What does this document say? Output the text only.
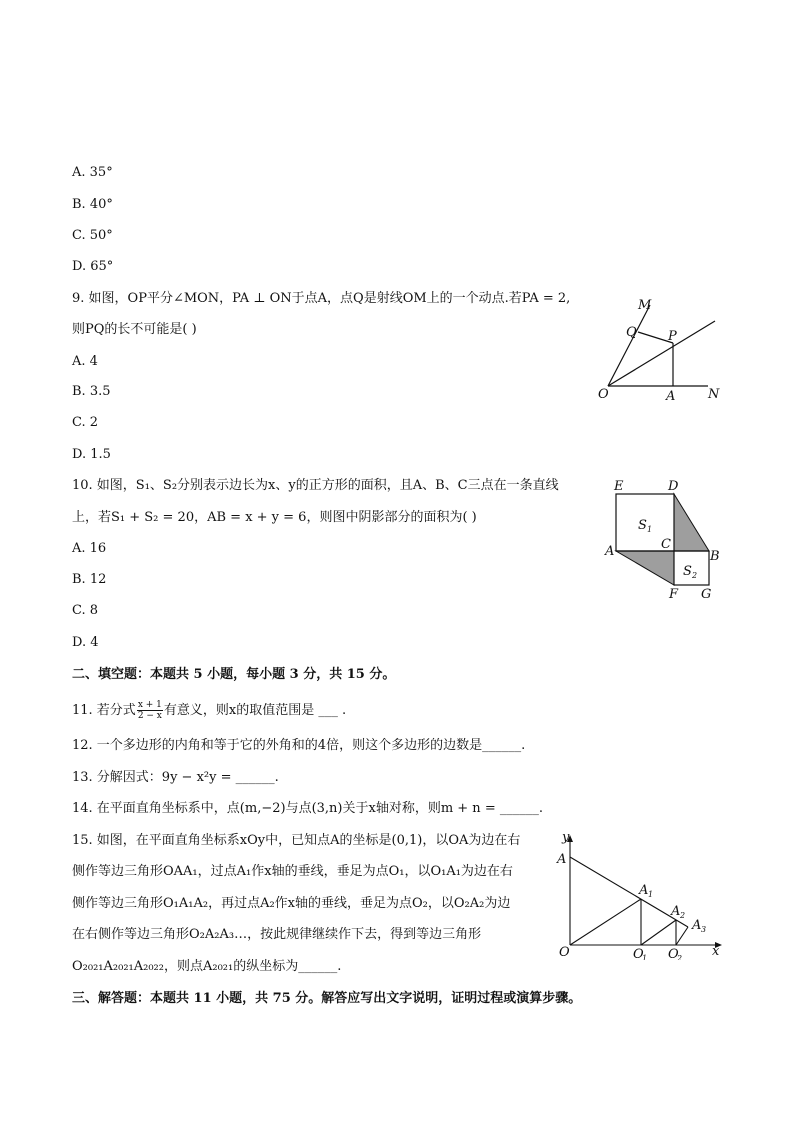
A. 35°
B. 40°
C. 50°
D. 65°
9. 如图，OP平分∠MON，PA ⊥ ON于点A，点Q是射线OM上的一个动点.若PA = 2,
则PQ的长不可能是( )
A. 4
B. 3.5
C. 2
D. 1.5
M
Q P
O	A	N
10. 如图，S₁、S₂分别表示边长为x、y的正方形的面积，且A、B、C三点在一条直线
上，若S₁ + S₂ = 20，AB = x + y = 6，则图中阴影部分的面积为( )
A. 16
B. 12
C. 8
D. 4
E	D
S 1
A	C
B
S 2
F G
二、填空题：本题共 5 小题，每小题 3 分，共 15 分。
11. 若分式 $\frac{x + 1}{2 - x}$ 有意义，则x的取值范围是 ___ .
12. 一个多边形的内角和等于它的外角和的4倍，则这个多边形的边数是______.
13. 分解因式：9y − x²y = ______.
14. 在平面直角坐标系中，点(m,−2)与点(3,n)关于x轴对称，则m + n = ______.
15. 如图，在平面直角坐标系xOy中，已知点A的坐标是(0,1)，以OA为边在右
侧作等边三角形OAA₁，过点A₁作x轴的垂线，垂足为点O₁，以O₁A₁为边在右
侧作等边三角形O₁A₁A₂，再过点A₂作x轴的垂线，垂足为点O₂，以O₂A₂为边
在右侧作等边三角形O₂A₂A₃…，按此规律继续作下去，得到等边三角形
O₂₀₂₁A₂₀₂₁A₂₀₂₂，则点A₂₀₂₁的纵坐标为______.
y
A
A 1
A 2
A 3
O	O
1 O
2 x
三、解答题：本题共 11 小题，共 75 分。解答应写出文字说明，证明过程或演算步骤。
